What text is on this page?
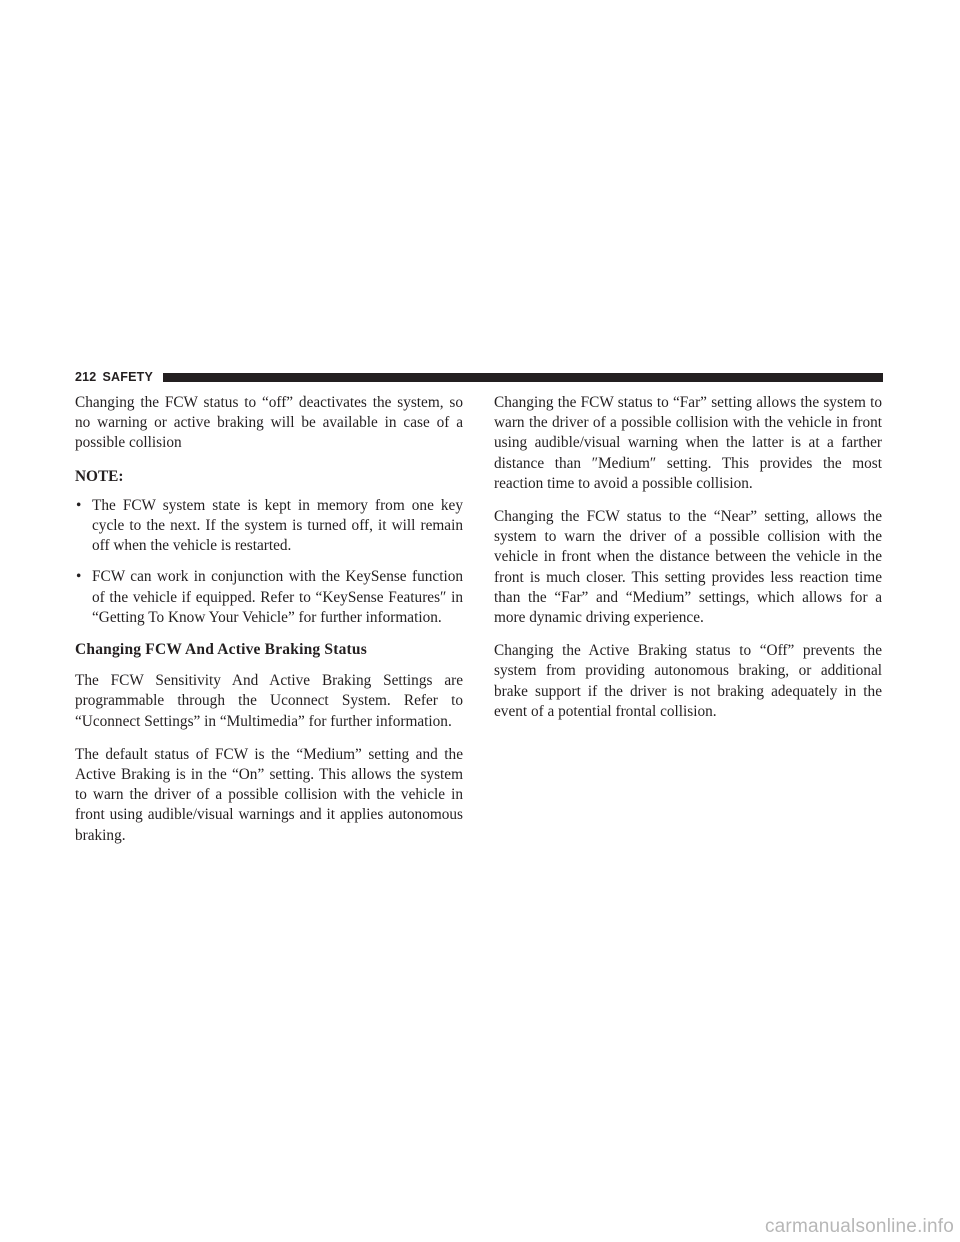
212 SAFETY

Changing the FCW status to “off” deactivates the system, so no warning or active braking will be available in case of a possible collision

NOTE:

• The FCW system state is kept in memory from one key cycle to the next. If the system is turned off, it will remain off when the vehicle is restarted.
• FCW can work in conjunction with the KeySense function of the vehicle if equipped. Refer to “KeySense Features″ in “Getting To Know Your Vehicle” for further information.
Changing FCW And Active Braking Status

The FCW Sensitivity And Active Braking Settings are programmable through the Uconnect System. Refer to “Uconnect Settings” in “Multimedia” for further information.

The default status of FCW is the “Medium” setting and the Active Braking is in the “On” setting. This allows the system to warn the driver of a possible collision with the vehicle in front using audible/visual warnings and it applies autonomous braking.

Changing the FCW status to “Far” setting allows the system to warn the driver of a possible collision with the vehicle in front using audible/visual warning when the latter is at a farther distance than ″Medium″ setting. This provides the most reaction time to avoid a possible collision.

Changing the FCW status to the “Near” setting, allows the system to warn the driver of a possible collision with the vehicle in front when the distance between the vehicle in the front is much closer. This setting provides less reaction time than the “Far” and “Medium” settings, which allows for a more dynamic driving experience.

Changing the Active Braking status to “Off” prevents the system from providing autonomous braking, or additional brake support if the driver is not braking adequately in the event of a potential frontal collision.

carmanualsonline.info
